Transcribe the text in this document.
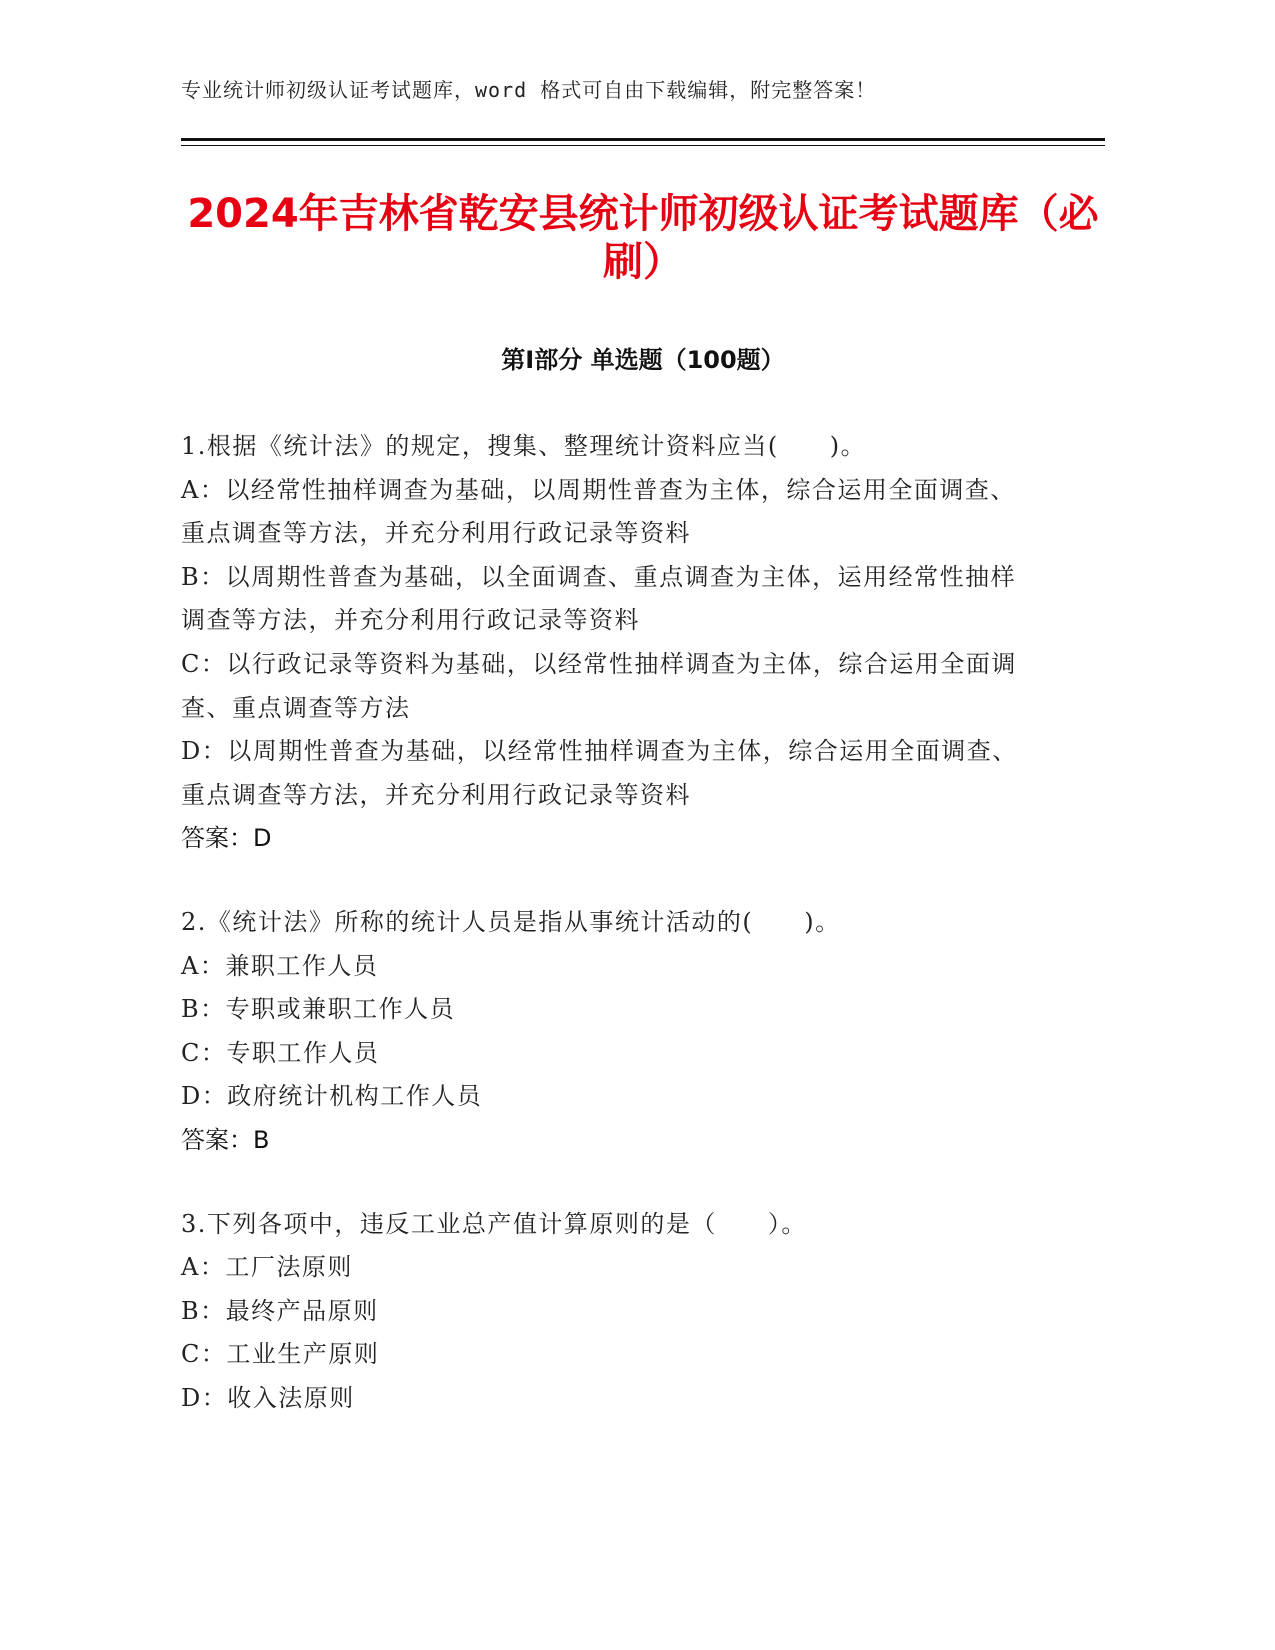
专业统计师初级认证考试题库，word 格式可自由下载编辑，附完整答案！
2024年吉林省乾安县统计师初级认证考试题库（必刷）
第Ⅰ部分 单选题（100题）
1.根据《统计法》的规定，搜集、整理统计资料应当(　　)。
A：以经常性抽样调查为基础，以周期性普查为主体，综合运用全面调查、重点调查等方法，并充分利用行政记录等资料
B：以周期性普查为基础，以全面调查、重点调查为主体，运用经常性抽样调查等方法，并充分利用行政记录等资料
C：以行政记录等资料为基础，以经常性抽样调查为主体，综合运用全面调查、重点调查等方法
D：以周期性普查为基础，以经常性抽样调查为主体，综合运用全面调查、重点调查等方法，并充分利用行政记录等资料
答案：D
2.《统计法》所称的统计人员是指从事统计活动的(　　)。
A：兼职工作人员
B：专职或兼职工作人员
C：专职工作人员
D：政府统计机构工作人员
答案：B
3.下列各项中，违反工业总产值计算原则的是（　　）。
A：工厂法原则
B：最终产品原则
C：工业生产原则
D：收入法原则
